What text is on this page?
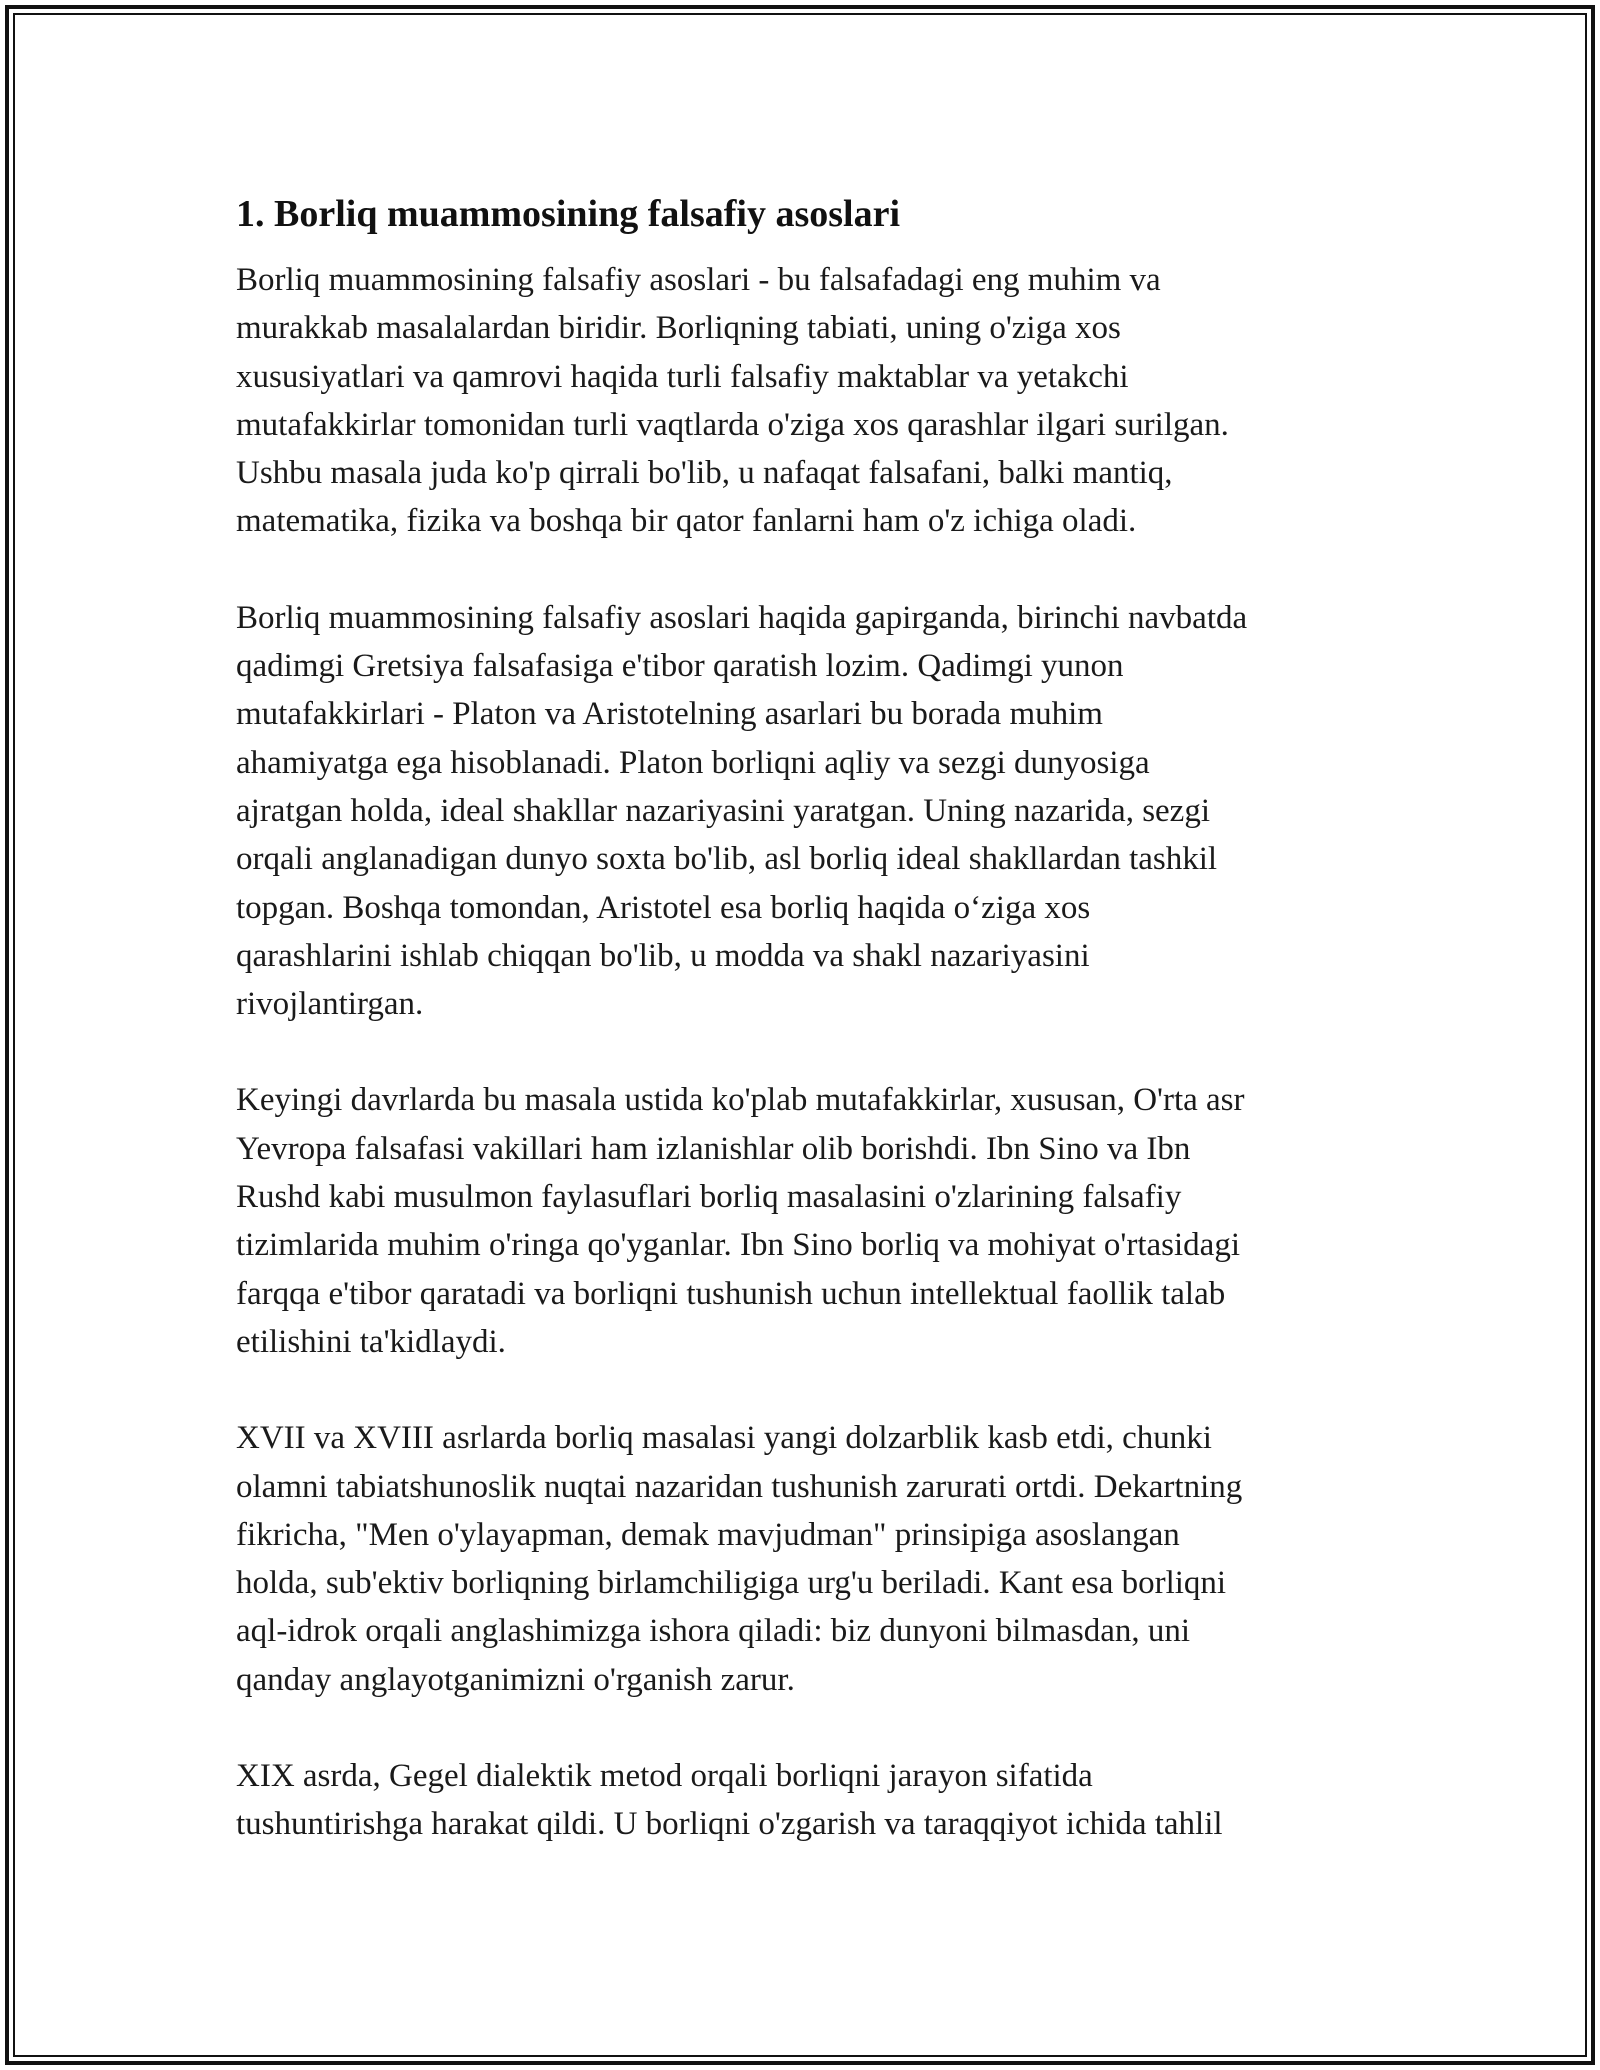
1. Borliq muammosining falsafiy asoslari

Borliq muammosining falsafiy asoslari - bu falsafadagi eng muhim va
murakkab masalalardan biridir. Borliqning tabiati, uning o'ziga xos
xususiyatlari va qamrovi haqida turli falsafiy maktablar va yetakchi
mutafakkirlar tomonidan turli vaqtlarda o'ziga xos qarashlar ilgari surilgan.
Ushbu masala juda ko'p qirrali bo'lib, u nafaqat falsafani, balki mantiq,
matematika, fizika va boshqa bir qator fanlarni ham o'z ichiga oladi.

Borliq muammosining falsafiy asoslari haqida gapirganda, birinchi navbatda
qadimgi Gretsiya falsafasiga e'tibor qaratish lozim. Qadimgi yunon
mutafakkirlari - Platon va Aristotelning asarlari bu borada muhim
ahamiyatga ega hisoblanadi. Platon borliqni aqliy va sezgi dunyosiga
ajratgan holda, ideal shakllar nazariyasini yaratgan. Uning nazarida, sezgi
orqali anglanadigan dunyo soxta bo'lib, asl borliq ideal shakllardan tashkil
topgan. Boshqa tomondan, Aristotel esa borliq haqida o‘ziga xos
qarashlarini ishlab chiqqan bo'lib, u modda va shakl nazariyasini
rivojlantirgan.

Keyingi davrlarda bu masala ustida ko'plab mutafakkirlar, xususan, O'rta asr
Yevropa falsafasi vakillari ham izlanishlar olib borishdi. Ibn Sino va Ibn
Rushd kabi musulmon faylasuflari borliq masalasini o'zlarining falsafiy
tizimlarida muhim o'ringa qo'yganlar. Ibn Sino borliq va mohiyat o'rtasidagi
farqqa e'tibor qaratadi va borliqni tushunish uchun intellektual faollik talab
etilishini ta'kidlaydi.

XVII va XVIII asrlarda borliq masalasi yangi dolzarblik kasb etdi, chunki
olamni tabiatshunoslik nuqtai nazaridan tushunish zarurati ortdi. Dekartning
fikricha, "Men o'ylayapman, demak mavjudman" prinsipiga asoslangan
holda, sub'ektiv borliqning birlamchiligiga urg'u beriladi. Kant esa borliqni
aql-idrok orqali anglashimizga ishora qiladi: biz dunyoni bilmasdan, uni
qanday anglayotganimizni o'rganish zarur.

XIX asrda, Gegel dialektik metod orqali borliqni jarayon sifatida
tushuntirishga harakat qildi. U borliqni o'zgarish va taraqqiyot ichida tahlil
